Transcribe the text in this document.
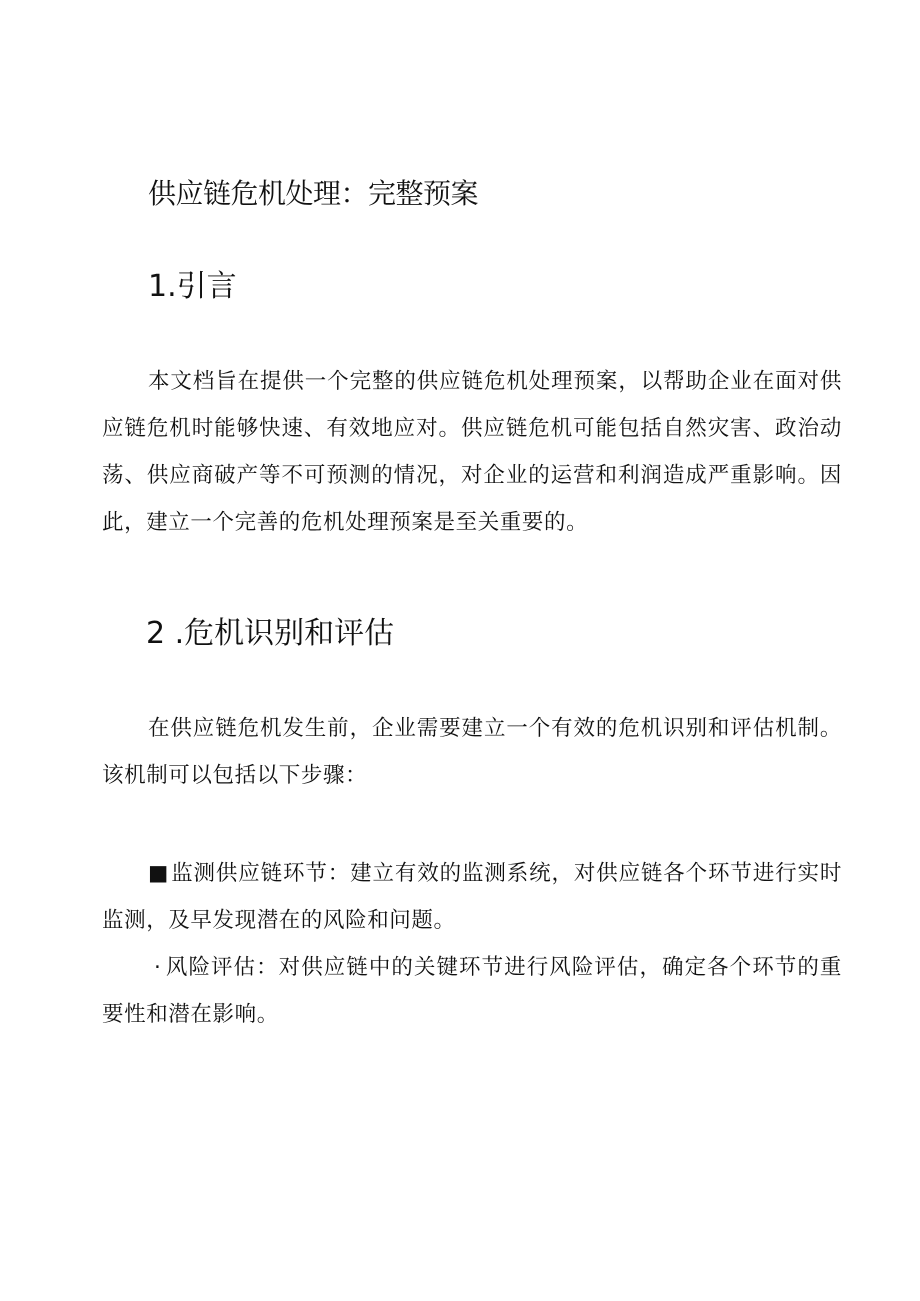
供应链危机处理：完整预案
1.引言

本文档旨在提供一个完整的供应链危机处理预案，以帮助企业在面对供应链危机时能够快速、有效地应对。供应链危机可能包括自然灾害、政治动荡、供应商破产等不可预测的情况，对企业的运营和利润造成严重影响。因此，建立一个完善的危机处理预案是至关重要的。

2 .危机识别和评估

在供应链危机发生前，企业需要建立一个有效的危机识别和评估机制。该机制可以包括以下步骤：

■监测供应链环节：建立有效的监测系统，对供应链各个环节进行实时监测，及早发现潜在的风险和问题。

· 风险评估：对供应链中的关键环节进行风险评估，确定各个环节的重要性和潜在影响。
